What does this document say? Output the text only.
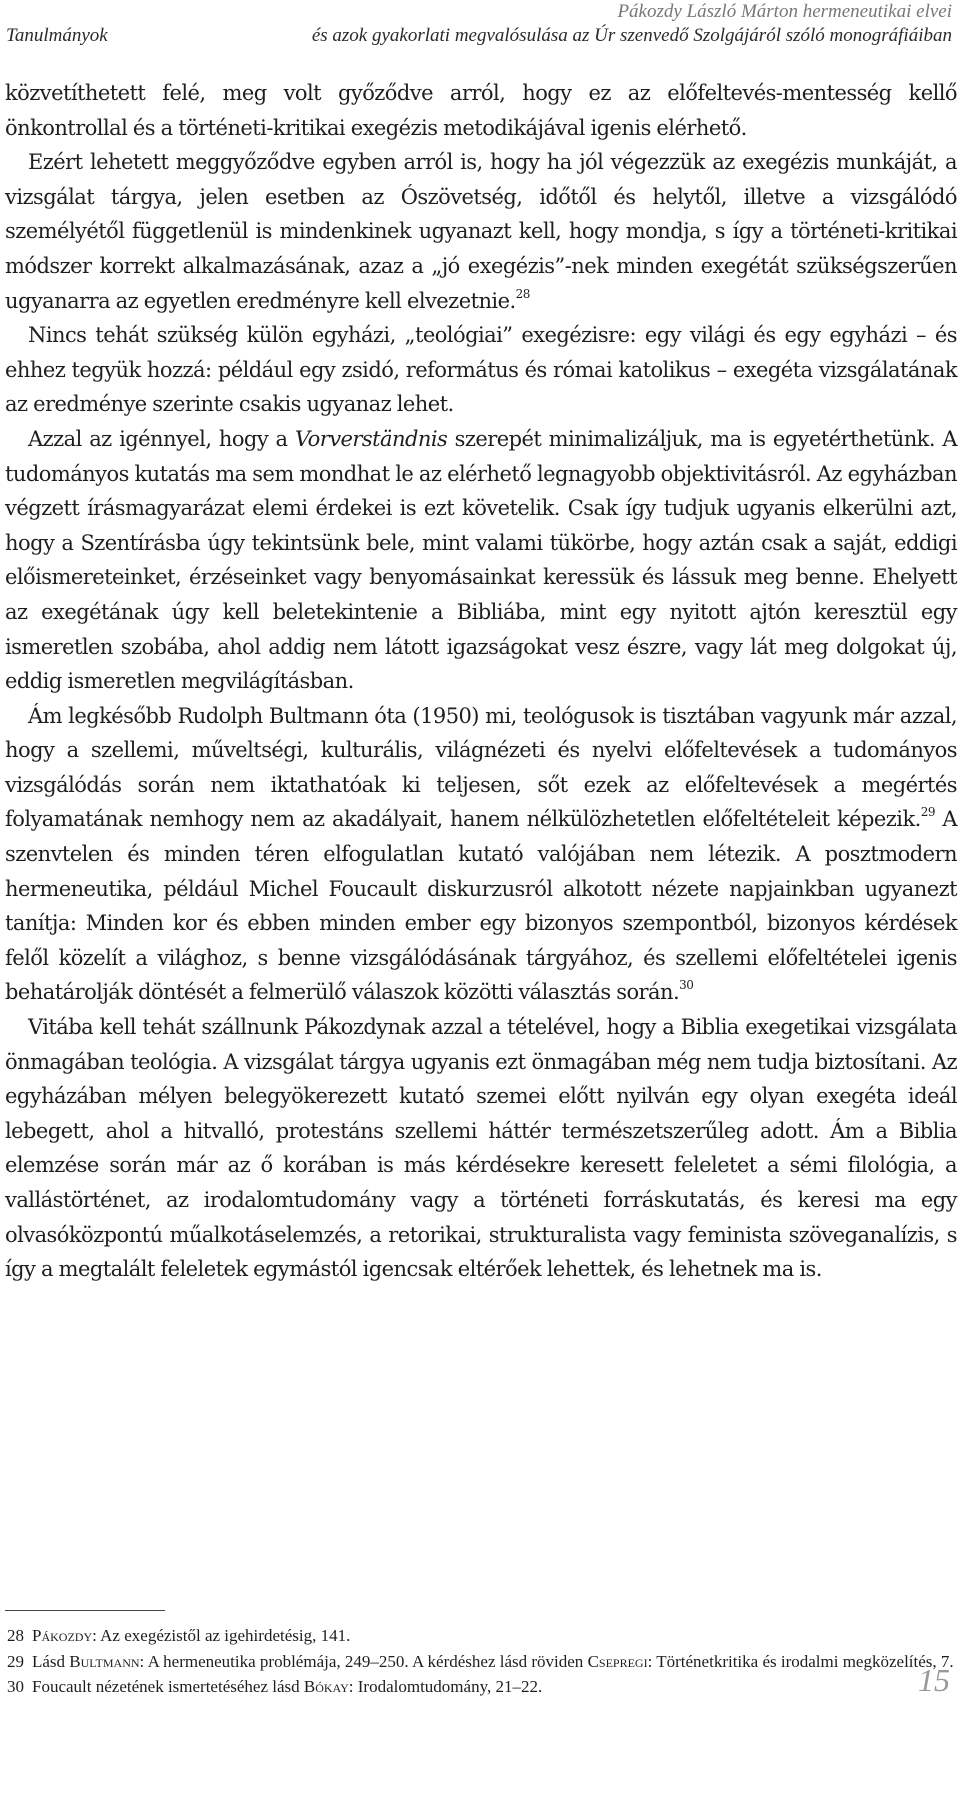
Tanulmányok
Pákozdy László Márton hermeneutikai elvei
és azok gyakorlati megvalósulása az Úr szenvedő Szolgájáról szóló monográfiáiban

közvetíthetett felé, meg volt győződve arról, hogy ez az előfeltevés-mentesség kellő önkontrollal és a történeti-kritikai exegézis metodikájával igenis elérhető.

Ezért lehetett meggyőződve egyben arról is, hogy ha jól végezzük az exegézis munkáját, a vizsgálat tárgya, jelen esetben az Ószövetség, időtől és helytől, illetve a vizsgálódó személyétől függetlenül is mindenkinek ugyanazt kell, hogy mondja, s így a történeti-kritikai módszer korrekt alkalmazásának, azaz a „jó exegézis”-nek minden exegétát szükségszerűen ugyanarra az egyetlen eredményre kell elvezetnie.$^{28}$

Nincs tehát szükség külön egyházi, „teológiai” exegézisre: egy világi és egy egyházi – és ehhez tegyük hozzá: például egy zsidó, református és római katolikus – exegéta vizsgálatának az eredménye szerinte csakis ugyanaz lehet.

Azzal az igénnyel, hogy a Vorverständnis szerepét minimalizáljuk, ma is egyetérthetünk. A tudományos kutatás ma sem mondhat le az elérhető legnagyobb objektivitásról. Az egyházban végzett írásmagyarázat elemi érdekei is ezt követelik. Csak így tudjuk ugyanis elkerülni azt, hogy a Szentírásba úgy tekintsünk bele, mint valami tükörbe, hogy aztán csak a saját, eddigi előismereteinket, érzéseinket vagy benyomásainkat keressük és lássuk meg benne. Ehelyett az exegétának úgy kell beletekintenie a Bibliába, mint egy nyitott ajtón keresztül egy ismeretlen szobába, ahol addig nem látott igazságokat vesz észre, vagy lát meg dolgokat új, eddig ismeretlen megvilágításban.

Ám legkésőbb Rudolph Bultmann óta (1950) mi, teológusok is tisztában vagyunk már azzal, hogy a szellemi, műveltségi, kulturális, világnézeti és nyelvi előfeltevések a tudományos vizsgálódás során nem iktathatóak ki teljesen, sőt ezek az előfeltevések a megértés folyamatának nemhogy nem az akadályait, hanem nélkülözhetetlen előfeltételeit képezik.$^{29}$ A szenvtelen és minden téren elfogulatlan kutató valójában nem létezik. A posztmodern hermeneutika, például Michel Foucault diskurzusról alkotott nézete napjainkban ugyanezt tanítja: Minden kor és ebben minden ember egy bizonyos szempontból, bizonyos kérdések felől közelít a világhoz, s benne vizsgálódásának tárgyához, és szellemi előfeltételei igenis behatárolják döntését a felmerülő válaszok közötti választás során.$^{30}$

Vitába kell tehát szállnunk Pákozdynak azzal a tételével, hogy a Biblia exegetikai vizsgálata önmagában teológia. A vizsgálat tárgya ugyanis ezt önmagában még nem tudja biztosítani. Az egyházában mélyen belegyökerezett kutató szemei előtt nyilván egy olyan exegéta ideál lebegett, ahol a hitvalló, protestáns szellemi háttér természetszerűleg adott. Ám a Biblia elemzése során már az ő korában is más kérdésekre keresett feleletet a sémi filológia, a vallástörténet, az irodalomtudomány vagy a történeti forráskutatás, és keresi ma egy olvasóközpontú műalkotáselemzés, a retorikai, strukturalista vagy feminista szöveganalízis, s így a megtalált feleletek egymástól igencsak eltérőek lehettek, és lehetnek ma is.

28 Pákozdy: Az exegézistől az igehirdetésig, 141.
29 Lásd Bultmann: A hermeneutika problémája, 249–250. A kérdéshez lásd röviden Csepregi: Történetkritika és irodalmi megközelítés, 7.
30 Foucault nézetének ismertetéséhez lásd Bókay: Irodalomtudomány, 21–22.	15
